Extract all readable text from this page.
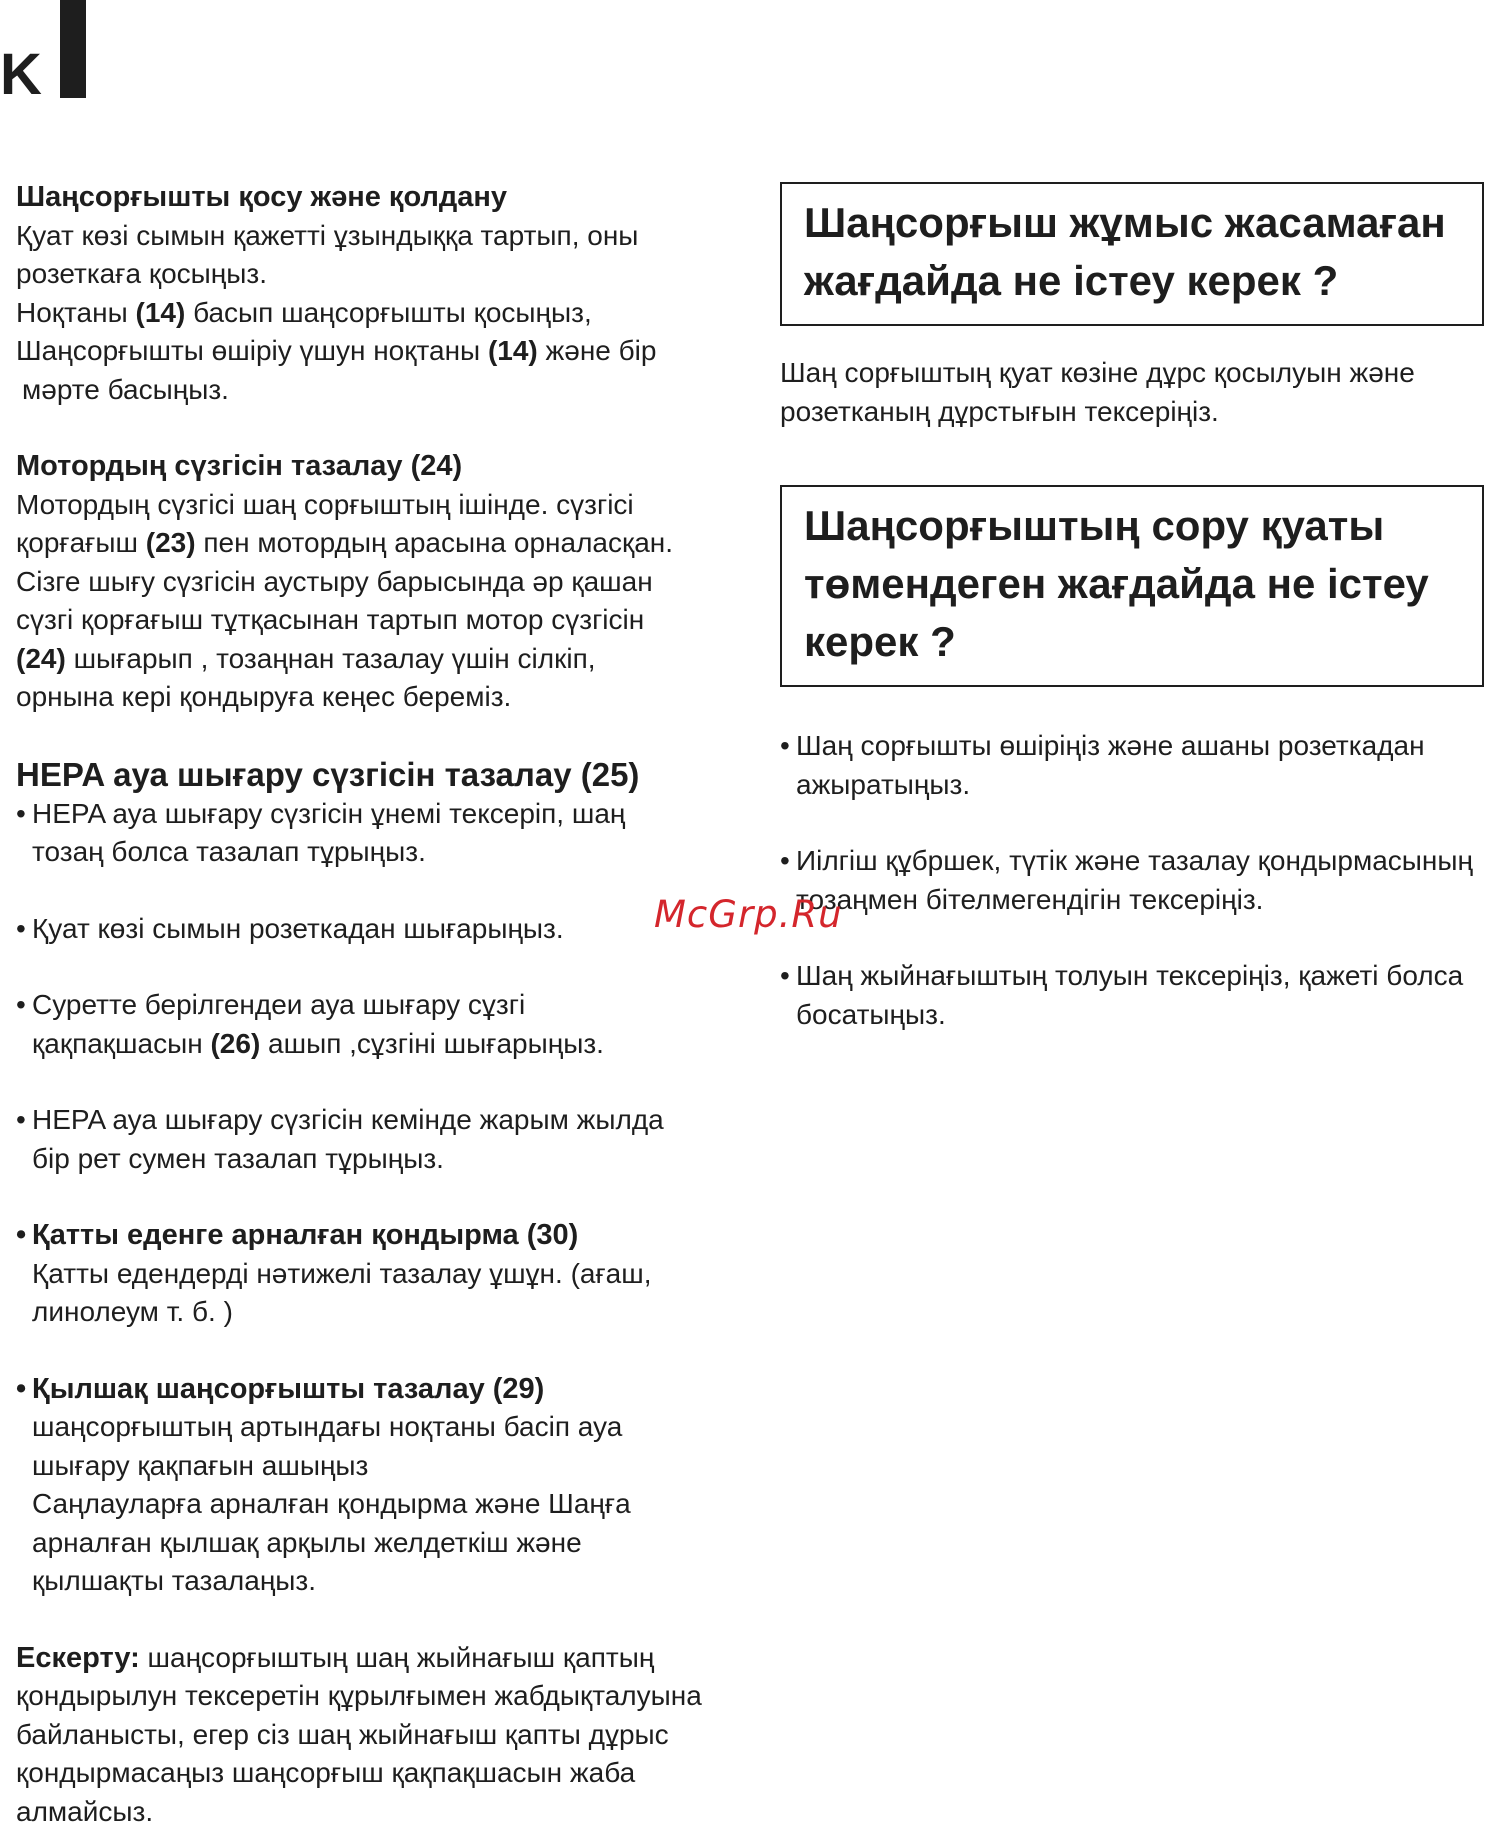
K

Шаңсорғышты қосу және қолдану

Қуат көзі сымын қажетті ұзындыққа тартып, оны

розеткаға қосыңыз.

Ноқтаны (14) басып шаңсорғышты қосыңыз,

Шаңсорғышты өшіріу үшун ноқтаны (14) және бір

мәрте басыңыз.

Мотордың сүзгісін тазалау (24)

Мотордың сүзгісі шаң сорғыштың ішінде. сүзгісі

қорғағыш (23) пен мотордың арасына орналасқан.

Сізге шығу сүзгісін аустыру барысында әр қашан

сүзгі қорғағыш тұтқасынан тартып мотор сүзгісін

(24) шығарып , тозаңнан тазалау үшін сілкіп,

орнына кері қондыруға кеңес береміз.

HEPA ауа шығару сүзгісін тазалау (25)

• HEPA ауа шығару сүзгісін ұнемі тексеріп, шаң

тозаң болса тазалап тұрыңыз.

• Қуат көзі сымын розеткадан шығарыңыз.

• Суретте берілгендеи ауа шығару сұзгі

қақпақшасын (26) ашып ,сұзгіні шығарыңыз.

• HEPA ауа шығару сүзгісін кемінде жарым жылда

бір рет сумен тазалап тұрыңыз.

• Қатты еденге арналған қондырма (30)

Қатты едендерді нәтижелі тазалау ұшұн. (ағаш,

линолеум т. б. )

• Қылшақ шаңсорғышты тазалау (29)

шаңсорғыштың артындағы ноқтаны басіп ауа

шығару қақпағын ашыңыз

Саңлауларға арналған қондырма және Шаңға

арналған қылшақ арқылы желдеткіш және

қылшақты тазалаңыз.

Ескерту: шаңсорғыштың шаң жыйнағыш қаптың

қондырылун тексеретін құрылғымен жабдықталуына

байланысты, егер сіз шаң жыйнағыш қапты дұрыс

қондырмасаңыз шаңсорғыш қақпақшасын жаба

алмайсыз.

Шаңсорғыш жұмыс жасамаған

жағдайда не істеу керек ?

Шаң сорғыштың қуат көзіне дұрс қосылуын және

розетканың дұрстығын тексеріңіз.

Шаңсорғыштың сору қуаты

төмендеген жағдайда не істеу

керек ?

• Шаң сорғышты өшіріңіз және ашаны розеткадан

ажыратыңыз.

• Иілгіш құбршек, түтік және тазалау қондырмасының

тозаңмен бітелмегендігін тексеріңіз.

• Шаң жыйнағыштың толуын тексеріңіз, қажеті болса

босатыңыз.

McGrp.Ru
